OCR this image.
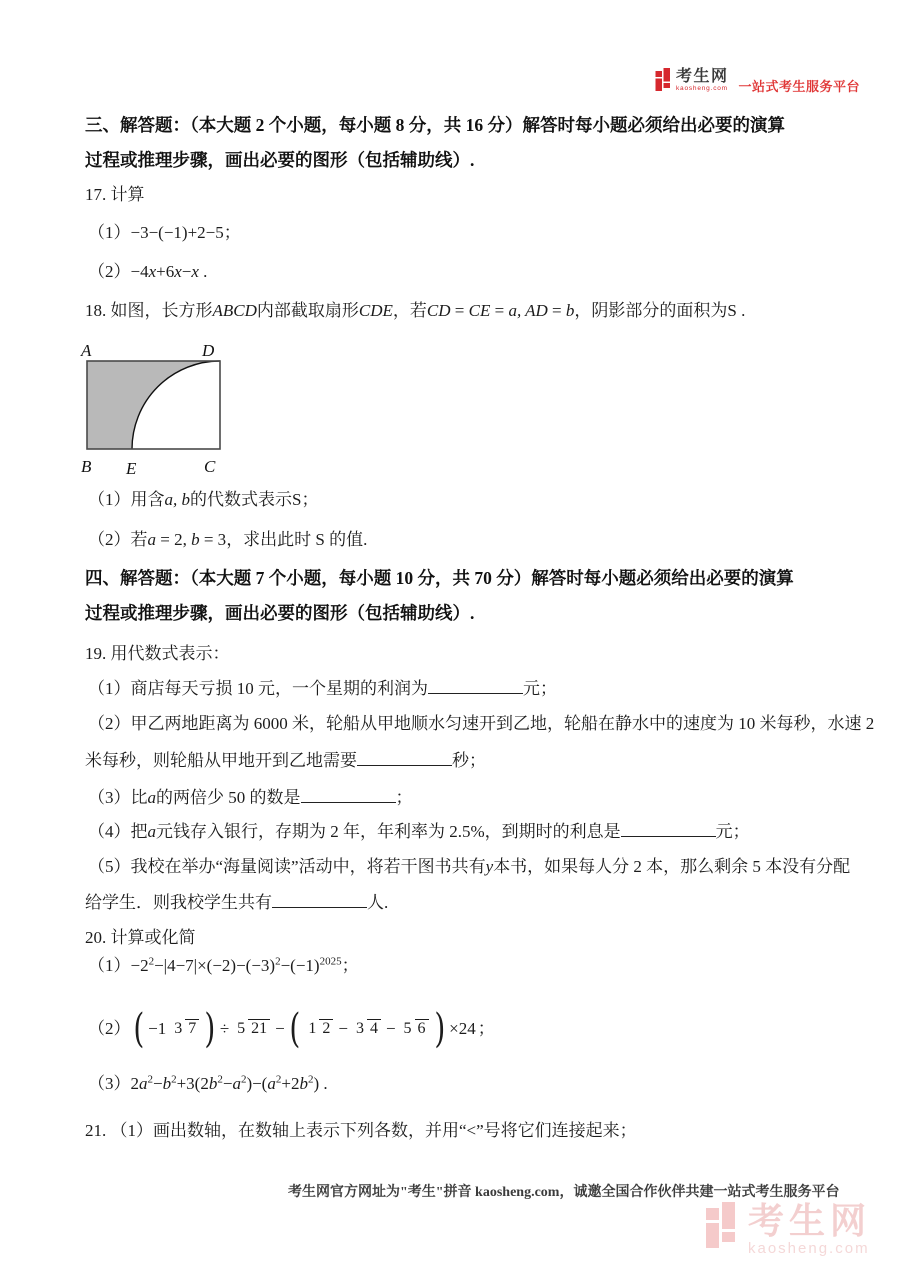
考生网
kaosheng.com 一站式考生服务平台
三、解答题：（本大题 2 个小题，每小题 8 分，共 16 分）解答时每小题必须给出必要的演算
过程或推理步骤，画出必要的图形（包括辅助线）.
17. 计算
（1）−3−(−1)+2−5；
（2）−4x+6x−x .
18. 如图，长方形ABCD内部截取扇形CDE，若CD = CE = a, AD = b，阴影部分的面积为S .
A	D
B E	C
（1）用含a, b的代数式表示S；
（2）若a = 2, b = 3，求出此时 S 的值.
四、解答题：（本大题 7 个小题，每小题 10 分，共 70 分）解答时每小题必须给出必要的演算
过程或推理步骤，画出必要的图形（包括辅助线）.
19. 用代数式表示：
（1）商店每天亏损 10 元，一个星期的利润为	元；
（2）甲乙两地距离为 6000 米，轮船从甲地顺水匀速开到乙地，轮船在静水中的速度为 10 米每秒，水速 2
米每秒，则轮船从甲地开到乙地需要	秒；
（3）比a的两倍少 50 的数是	；
（4）把a元钱存入银行，存期为 2 年，年利率为 2.5%，到期时的利息是	元；
（5）我校在举办“海量阅读”活动中，将若干图书共有y本书，如果每人分 2 本，那么剩余 5 本没有分配
给学生．则我校学生共有	人.
20. 计算或化简
$(1)-2^2-|4-7|\times(-2)-(-3)^2-(-1)^{2025}$；
（2） ( −1 3 7 ) ÷ 5 21 − ( 1 2 − 3 4 − 5 6 ) ×24 ；
$(3)2a^2-b^2+3(2b^2-a^2)-(a^2+2b^2)$ .
21. （1）画出数轴，在数轴上表示下列各数，并用“<”号将它们连接起来；
考生网官方网址为"考生"拼音 kaosheng.com，诚邀全国合作伙伴共建一站式考生服务平台
考生网
kaosheng.com
